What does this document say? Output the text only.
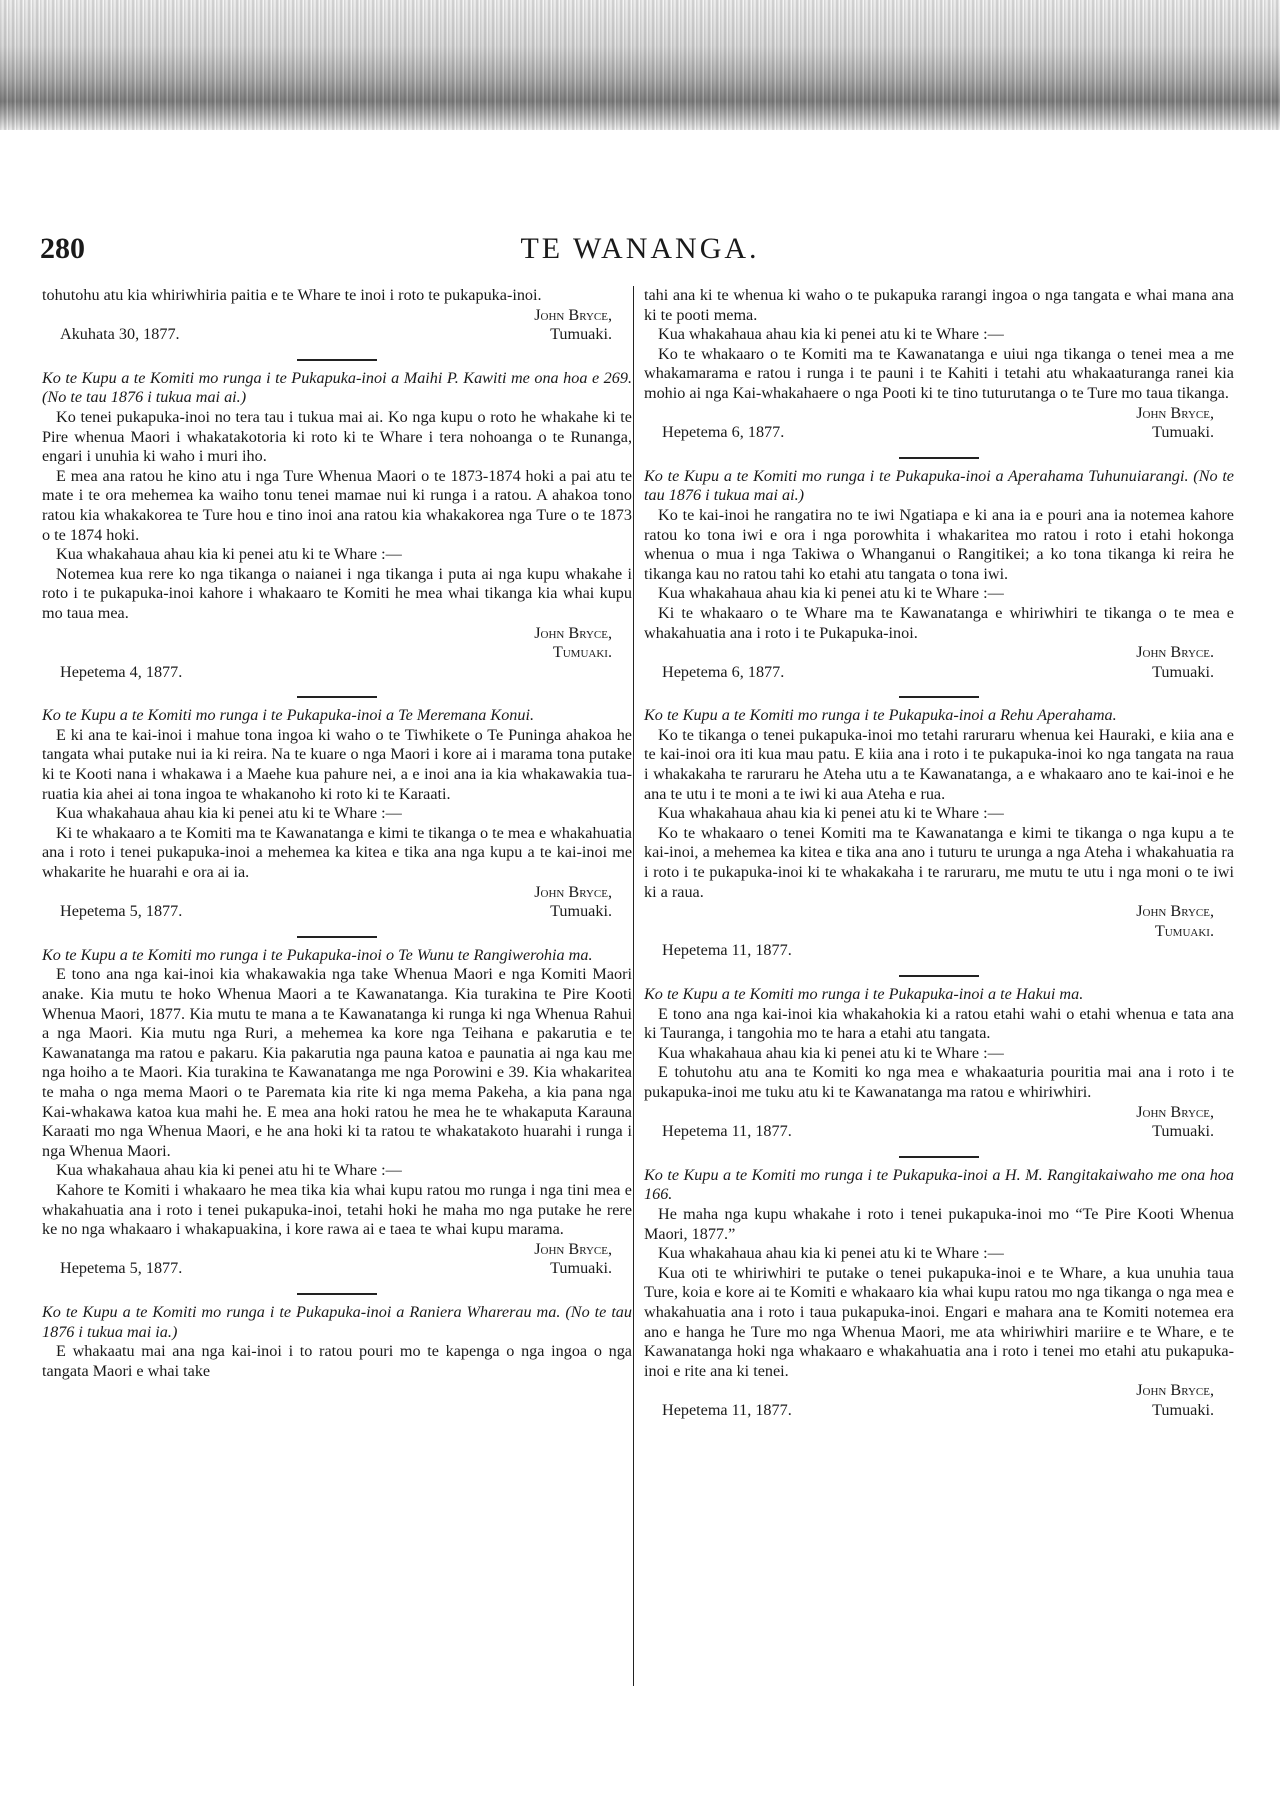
280	TE WANANGA.

tohutohu atu kia whiriwhiria paitia e te Whare te inoi i roto te pukapuka-inoi.

John Bryce,
Akuhata 30, 1877.	Tumuaki.

Ko te Kupu a te Komiti mo runga i te Pukapuka-inoi a Maihi P. Kawiti me ona hoa e 269. (No te tau 1876 i tukua mai ai.)

Ko tenei pukapuka-inoi no tera tau i tukua mai ai. Ko nga kupu o roto he whakahe ki te Pire whenua Maori i whakatakotoria ki roto ki te Whare i tera nohoanga o te Runanga, engari i unuhia ki waho i muri iho.

E mea ana ratou he kino atu i nga Ture Whenua Maori o te 1873-1874 hoki a pai atu te mate i te ora mehemea ka waiho tonu tenei mamae nui ki runga i a ratou. A ahakoa tono ratou kia whakakorea te Ture hou e tino inoi ana ratou kia whakakorea nga Ture o te 1873 o te 1874 hoki.

Kua whakahaua ahau kia ki penei atu ki te Whare :—

Notemea kua rere ko nga tikanga o naianei i nga tikanga i puta ai nga kupu whakahe i roto i te pukapuka-inoi kahore i whakaaro te Komiti he mea whai tikanga kia whai kupu mo taua mea.

John Bryce,
Tumuaki.
Hepetema 4, 1877.

Ko te Kupu a te Komiti mo runga i te Pukapuka-inoi a Te Meremana Konui.

E ki ana te kai-inoi i mahue tona ingoa ki waho o te Tiwhikete o Te Puninga ahakoa he tangata whai putake nui ia ki reira. Na te kuare o nga Maori i kore ai i marama tona putake ki te Kooti nana i whakawa i a Maehe kua pahure nei, a e inoi ana ia kia whakawakia tua-ruatia kia ahei ai tona ingoa te whakanoho ki roto ki te Karaati.

Kua whakahaua ahau kia ki penei atu ki te Whare :—

Ki te whakaaro a te Komiti ma te Kawanatanga e kimi te tikanga o te mea e whakahuatia ana i roto i tenei pukapuka-inoi a mehemea ka kitea e tika ana nga kupu a te kai-inoi me whakarite he huarahi e ora ai ia.

John Bryce,
Hepetema 5, 1877.	Tumuaki.

Ko te Kupu a te Komiti mo runga i te Pukapuka-inoi o Te Wunu te Rangiwerohia ma.

E tono ana nga kai-inoi kia whakawakia nga take Whenua Maori e nga Komiti Maori anake. Kia mutu te hoko Whenua Maori a te Kawanatanga. Kia turakina te Pire Kooti Whenua Maori, 1877. Kia mutu te mana a te Kawanatanga ki runga ki nga Whenua Rahui a nga Maori. Kia mutu nga Ruri, a mehemea ka kore nga Teihana e pakarutia e te Kawanatanga ma ratou e pakaru. Kia pakarutia nga pauna katoa e paunatia ai nga kau me nga hoiho a te Maori. Kia turakina te Kawanatanga me nga Porowini e 39. Kia whakaritea te maha o nga mema Maori o te Paremata kia rite ki nga mema Pakeha, a kia pana nga Kai-whakawa katoa kua mahi he. E mea ana hoki ratou he mea he te whakaputa Karauna Karaati mo nga Whenua Maori, e he ana hoki ki ta ratou te whakatakoto huarahi i runga i nga Whenua Maori.

Kua whakahaua ahau kia ki penei atu hi te Whare :—

Kahore te Komiti i whakaaro he mea tika kia whai kupu ratou mo runga i nga tini mea e whakahuatia ana i roto i tenei pukapuka-inoi, tetahi hoki he maha mo nga putake he rere ke no nga whakaaro i whakapuakina, i kore rawa ai e taea te whai kupu marama.

John Bryce,
Hepetema 5, 1877.	Tumuaki.

Ko te Kupu a te Komiti mo runga i te Pukapuka-inoi a Raniera Wharerau ma. (No te tau 1876 i tukua mai ia.)

E whakaatu mai ana nga kai-inoi i to ratou pouri mo te kapenga o nga ingoa o nga tangata Maori e whai take

tahi ana ki te whenua ki waho o te pukapuka rarangi ingoa o nga tangata e whai mana ana ki te pooti mema.

Kua whakahaua ahau kia ki penei atu ki te Whare :—

Ko te whakaaro o te Komiti ma te Kawanatanga e uiui nga tikanga o tenei mea a me whakamarama e ratou i runga i te pauni i te Kahiti i tetahi atu whakaaturanga ranei kia mohio ai nga Kai-whakahaere o nga Pooti ki te tino tuturutanga o te Ture mo taua tikanga.

John Bryce,
Hepetema 6, 1877.	Tumuaki.

Ko te Kupu a te Komiti mo runga i te Pukapuka-inoi a Aperahama Tuhunuiarangi. (No te tau 1876 i tukua mai ai.)

Ko te kai-inoi he rangatira no te iwi Ngatiapa e ki ana ia e pouri ana ia notemea kahore ratou ko tona iwi e ora i nga porowhita i whakaritea mo ratou i roto i etahi hokonga whenua o mua i nga Takiwa o Whanganui o Rangitikei; a ko tona tikanga ki reira he tikanga kau no ratou tahi ko etahi atu tangata o tona iwi.

Kua whakahaua ahau kia ki penei atu ki te Whare :—

Ki te whakaaro o te Whare ma te Kawanatanga e whiriwhiri te tikanga o te mea e whakahuatia ana i roto i te Pukapuka-inoi.

John Bryce.
Hepetema 6, 1877.	Tumuaki.

Ko te Kupu a te Komiti mo runga i te Pukapuka-inoi a Rehu Aperahama.

Ko te tikanga o tenei pukapuka-inoi mo tetahi raruraru whenua kei Hauraki, e kiia ana e te kai-inoi ora iti kua mau patu. E kiia ana i roto i te pukapuka-inoi ko nga tangata na raua i whakakaha te raruraru he Ateha utu a te Kawanatanga, a e whakaaro ano te kai-inoi e he ana te utu i te moni a te iwi ki aua Ateha e rua.

Kua whakahaua ahau kia ki penei atu ki te Whare :—

Ko te whakaaro o tenei Komiti ma te Kawanatanga e kimi te tikanga o nga kupu a te kai-inoi, a mehemea ka kitea e tika ana ano i tuturu te urunga a nga Ateha i whakahuatia ra i roto i te pukapuka-inoi ki te whakakaha i te raruraru, me mutu te utu i nga moni o te iwi ki a raua.

John Bryce,
Tumuaki.
Hepetema 11, 1877.

Ko te Kupu a te Komiti mo runga i te Pukapuka-inoi a te Hakui ma.

E tono ana nga kai-inoi kia whakahokia ki a ratou etahi wahi o etahi whenua e tata ana ki Tauranga, i tangohia mo te hara a etahi atu tangata.

Kua whakahaua ahau kia ki penei atu ki te Whare :—

E tohutohu atu ana te Komiti ko nga mea e whakaaturia pouritia mai ana i roto i te pukapuka-inoi me tuku atu ki te Kawanatanga ma ratou e whiriwhiri.

John Bryce,
Hepetema 11, 1877.	Tumuaki.

Ko te Kupu a te Komiti mo runga i te Pukapuka-inoi a H. M. Rangitakaiwaho me ona hoa 166.

He maha nga kupu whakahe i roto i tenei pukapuka-inoi mo “Te Pire Kooti Whenua Maori, 1877.”

Kua whakahaua ahau kia ki penei atu ki te Whare :—

Kua oti te whiriwhiri te putake o tenei pukapuka-inoi e te Whare, a kua unuhia taua Ture, koia e kore ai te Komiti e whakaaro kia whai kupu ratou mo nga tikanga o nga mea e whakahuatia ana i roto i taua pukapuka-inoi. Engari e mahara ana te Komiti notemea era ano e hanga he Ture mo nga Whenua Maori, me ata whiriwhiri mariire e te Whare, e te Kawanatanga hoki nga whakaaro e whakahuatia ana i roto i tenei mo etahi atu pukapuka-inoi e rite ana ki tenei.

John Bryce,
Hepetema 11, 1877.	Tumuaki.
